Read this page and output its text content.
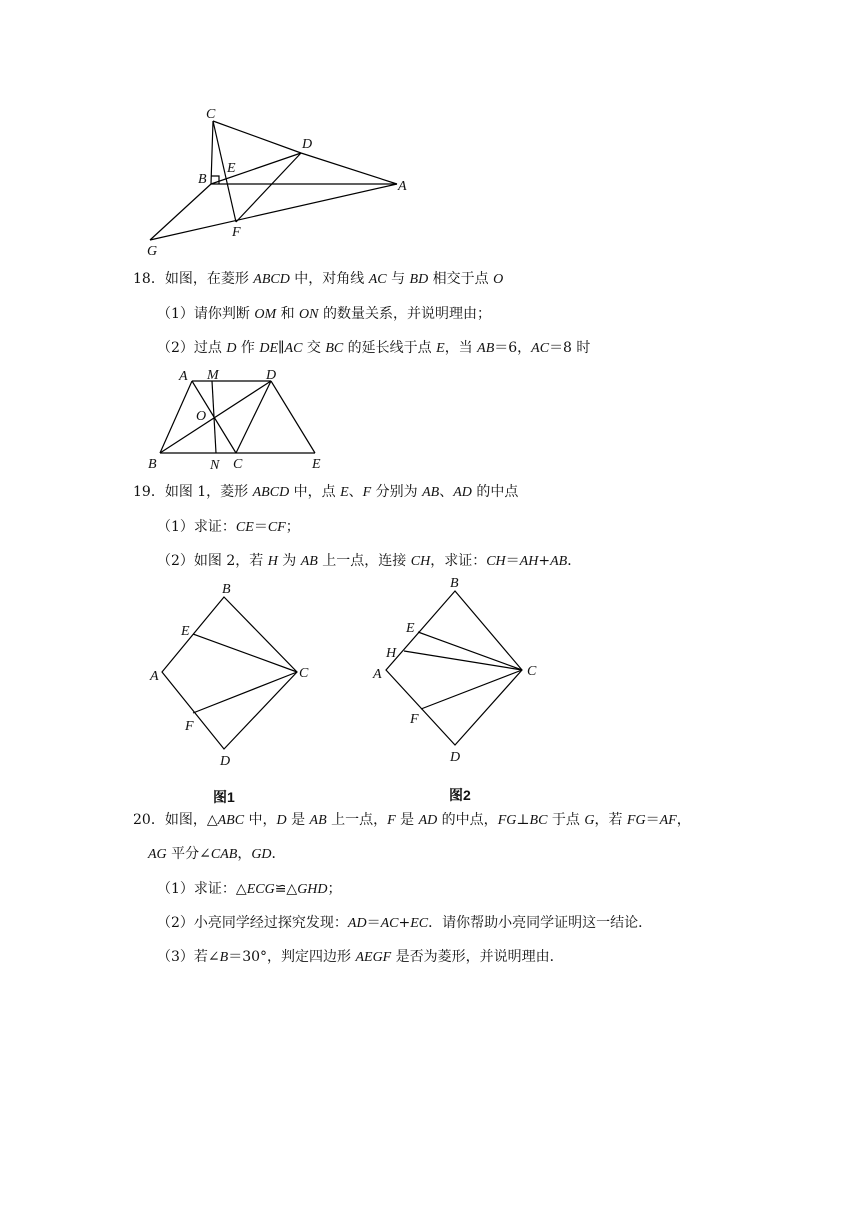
C
D
E
B	A
G
F
18．如图，在菱形 ABCD 中，对角线 AC 与 BD 相交于点 O
（1）请你判断 OM 和 ON 的数量关系，并说明理由；
（2）过点 D 作 DE∥AC 交 BC 的延长线于点 E，当 AB＝6，AC＝8 时
A M	D
O
B	N C	E
19．如图 1，菱形 ABCD 中，点 E、F 分别为 AB、AD 的中点
（1）求证：CE＝CF；
（2）如图 2，若 H 为 AB 上一点，连接 CH，求证：CH＝AH+AB．
B
E
A	C
F
D
图1
B
E
H
A	C
F
D
图2
20．如图，△ABC 中，D 是 AB 上一点，F 是 AD 的中点，FG⊥BC 于点 G，若 FG＝AF，
AG 平分∠CAB，GD．
（1）求证：△ECG≌△GHD；
（2）小亮同学经过探究发现：AD＝AC+EC．请你帮助小亮同学证明这一结论．
（3）若∠B＝30°，判定四边形 AEGF 是否为菱形，并说明理由．
